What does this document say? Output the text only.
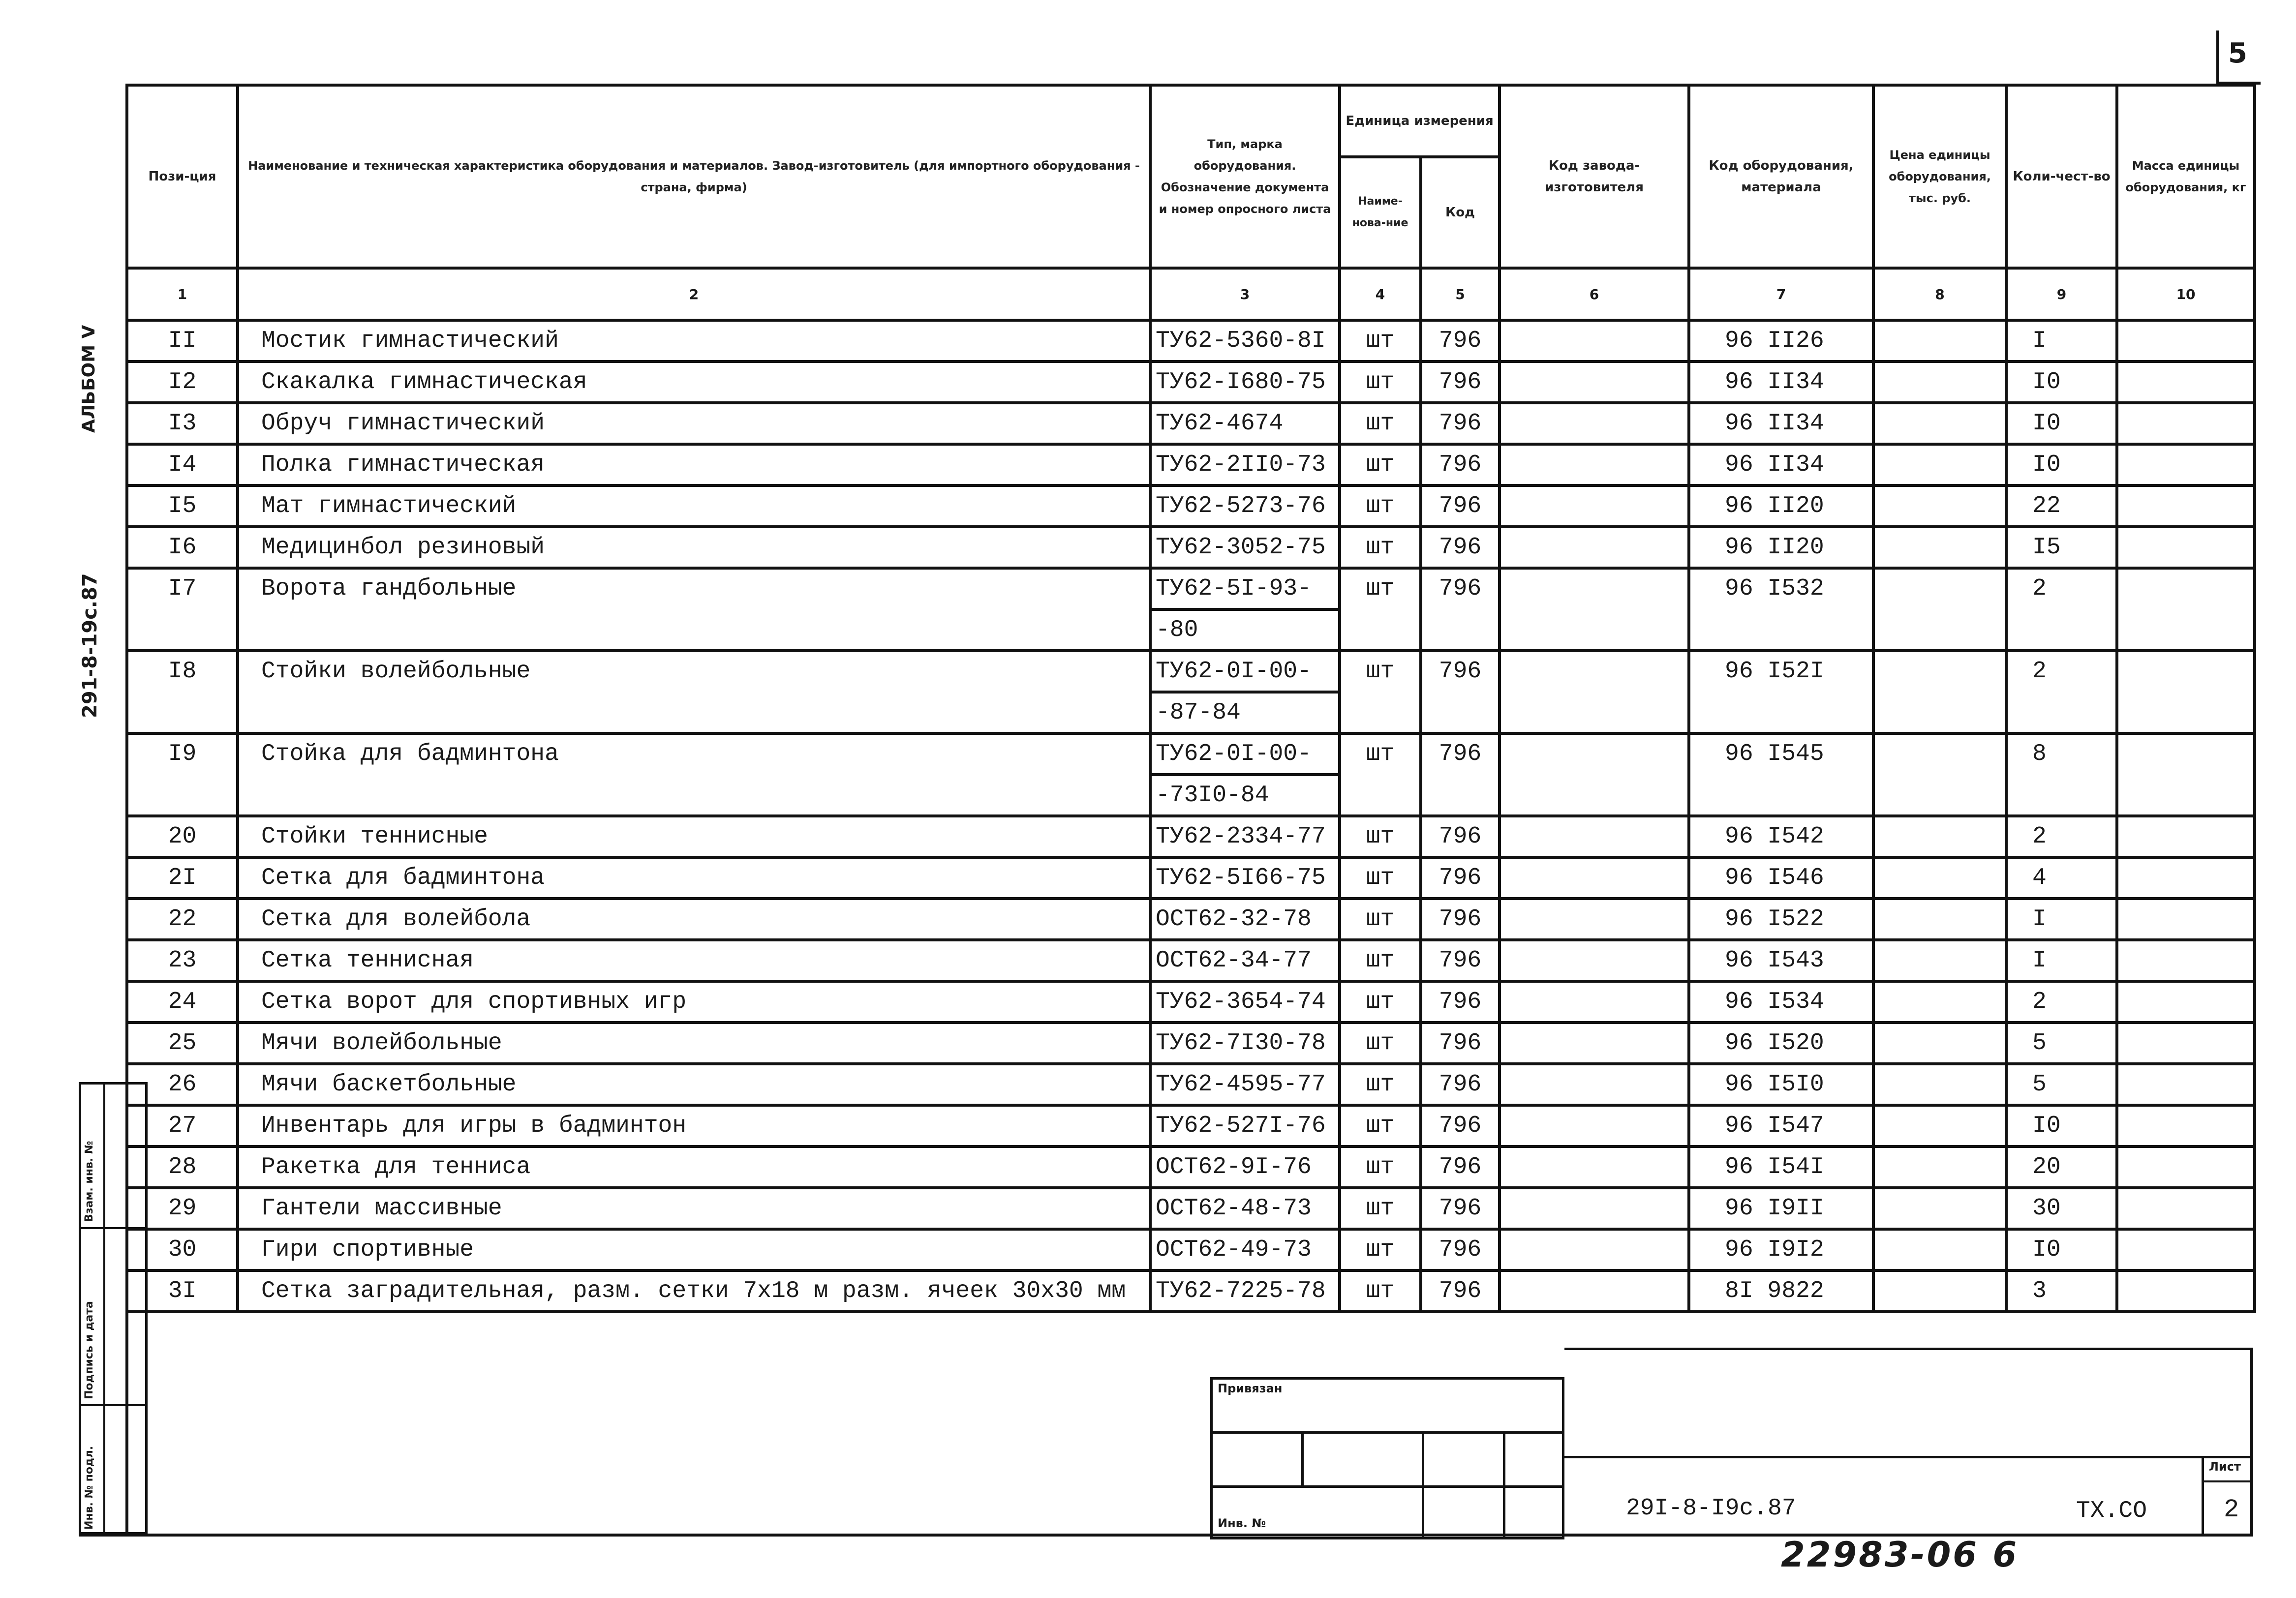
5
АЛЬБОМ V
291-8-19с.87
Взам. инв. №
Подпись и дата
Инв. № подл.
Пози-ция	Наименование и техническая характеристика оборудования и материалов. Завод-изготовитель (для импортного оборудования - страна, фирма)	Тип, марка оборудования. Обозначение документа и номер опросного листа	Единица измерения		Код завода-изготовителя	Код оборудования, материала	Цена единицы оборудования, тыс. руб.	Коли-чест-во	Масса единицы оборудования, кг
			Наиме-нова-ние	Код					
1	2	3	4	5	6	7	8	9	10
II	Мостик гимнастический	ТУ62-5360-8I	шт	796		96 II26		I	
I2	Скакалка гимнастическая	ТУ62-I680-75	шт	796		96 II34		I0	
I3	Обруч гимнастический	ТУ62-4674	шт	796		96 II34		I0	
I4	Полка гимнастическая	ТУ62-2II0-73	шт	796		96 II34		I0	
I5	Мат гимнастический	ТУ62-5273-76	шт	796		96 II20		22	
I6	Медицинбол резиновый	ТУ62-3052-75	шт	796		96 II20		I5	
I7	Ворота гандбольные	ТУ62-5I-93-	шт	796		96 I532		2	
		-80							
I8	Стойки волейбольные	ТУ62-0I-00-	шт	796		96 I52I		2	
		-87-84							
I9	Стойка для бадминтона	ТУ62-0I-00-	шт	796		96 I545		8	
		-73I0-84							
20	Стойки теннисные	ТУ62-2334-77	шт	796		96 I542		2	
2I	Сетка для бадминтона	ТУ62-5I66-75	шт	796		96 I546		4	
22	Сетка для волейбола	ОСТ62-32-78	шт	796		96 I522		I	
23	Сетка теннисная	ОСТ62-34-77	шт	796		96 I543		I	
24	Сетка ворот для спортивных игр	ТУ62-3654-74	шт	796		96 I534		2	
25	Мячи волейбольные	ТУ62-7I30-78	шт	796		96 I520		5	
26	Мячи баскетбольные	ТУ62-4595-77	шт	796		96 I5I0		5	
27	Инвентарь для игры в бадминтон	ТУ62-527I-76	шт	796		96 I547		I0	
28	Ракетка для тенниса	ОСТ62-9I-76	шт	796		96 I54I		20	
29	Гантели массивные	ОСТ62-48-73	шт	796		96 I9II		30	
30	Гири спортивные	ОСТ62-49-73	шт	796		96 I9I2		I0	
3I	Сетка заградительная, разм. сетки 7х18 м разм. ячеек 30х30 мм	ТУ62-7225-78	шт	796		8I 9822		3	
Привязан
Инв. №
29I-8-I9с.87	ТХ.СО
Лист
2
22983-06 6
